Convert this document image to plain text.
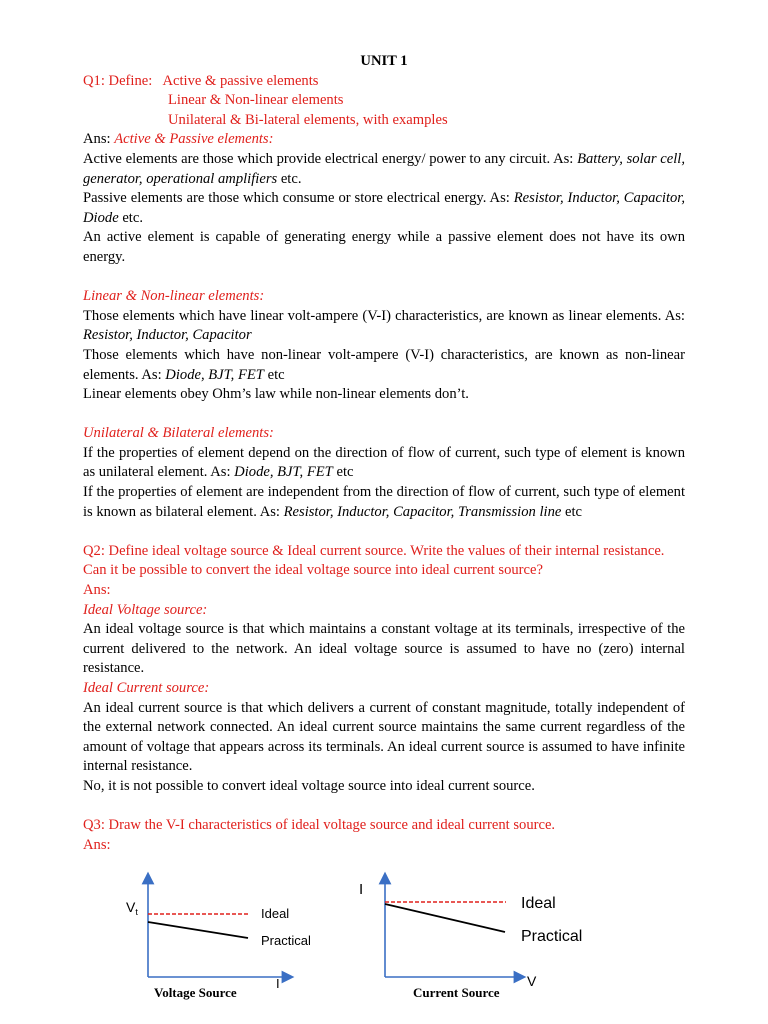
UNIT 1
Q1: Define:   Active & passive elements
Linear & Non-linear elements
Unilateral & Bi-lateral elements, with examples
Ans: Active & Passive elements:
Active elements are those which provide electrical energy/ power to any circuit. As: Battery, solar cell, generator, operational amplifiers etc.
Passive elements are those which consume or store electrical energy. As: Resistor, Inductor, Capacitor, Diode etc.
An active element is capable of generating energy while a passive element does not have its own energy.
Linear & Non-linear elements:
Those elements which have linear volt-ampere (V-I) characteristics, are known as linear elements. As: Resistor, Inductor, Capacitor
Those elements which have non-linear volt-ampere (V-I) characteristics, are known as non-linear elements. As: Diode, BJT, FET etc
Linear elements obey Ohm’s law while non-linear elements don’t.
Unilateral & Bilateral elements:
If the properties of element depend on the direction of flow of current, such type of element is known as unilateral element. As: Diode, BJT, FET etc
If the properties of element are independent from the direction of flow of current, such type of element is known as bilateral element. As: Resistor, Inductor, Capacitor, Transmission line etc
Q2: Define ideal voltage source & Ideal current source. Write the values of their internal resistance. Can it be possible to convert the ideal voltage source into ideal current source?
Ans:
Ideal Voltage source:
An ideal voltage source is that which maintains a constant voltage at its terminals, irrespective of the current delivered to the network. An ideal voltage source is assumed to have no (zero) internal resistance.
Ideal Current source:
An ideal current source is that which delivers a current of constant magnitude, totally independent of the external network connected. An ideal current source maintains the same current regardless of the amount of voltage that appears across its terminals. An ideal current source is assumed to have infinite internal resistance.
No, it is not possible to convert ideal voltage source into ideal current source.
Q3: Draw the V-I characteristics of ideal voltage source and ideal current source.
Ans:
$V_t$
I
Ideal
Practical
Voltage Source
I
V
Ideal
Practical
Current Source
